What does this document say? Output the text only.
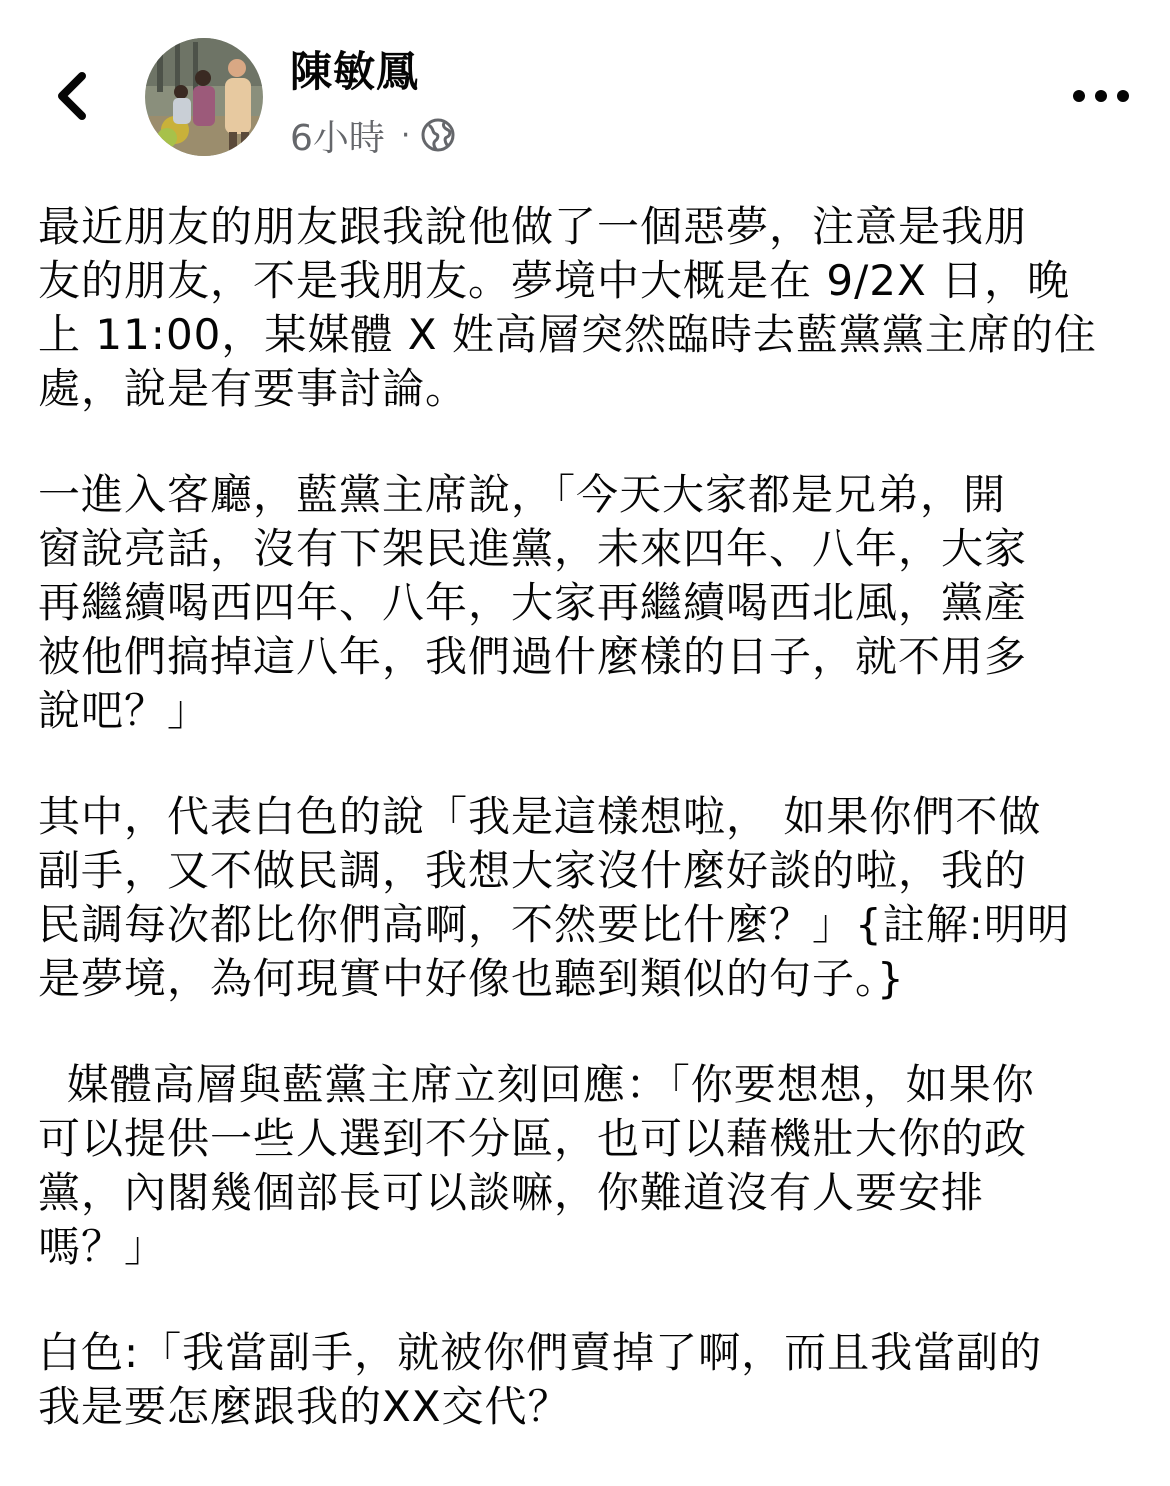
陳敏鳳
6小時 ·
最近朋友的朋友跟我說他做了一個惡夢，注意是我朋
友的朋友，不是我朋友。夢境中大概是在 9/2X 日，晚
上 11:00，某媒體 X 姓高層突然臨時去藍黨黨主席的住
處，說是有要事討論。
一進入客廳，藍黨主席說，「今天大家都是兄弟，開
窗說亮話，沒有下架民進黨，未來四年、八年，大家
再繼續喝西四年、八年，大家再繼續喝西北風，黨產
被他們搞掉這八年，我們過什麼樣的日子，就不用多
說吧？」
其中，代表白色的說「我是這樣想啦， 如果你們不做
副手，又不做民調，我想大家沒什麼好談的啦，我的
民調每次都比你們高啊，不然要比什麼？」{註解:明明
是夢境，為何現實中好像也聽到類似的句子。}
媒體高層與藍黨主席立刻回應：「你要想想，如果你
可以提供一些人選到不分區，也可以藉機壯大你的政
黨，內閣幾個部長可以談嘛，你難道沒有人要安排
嗎？」
白色:「我當副手，就被你們賣掉了啊，而且我當副的
我是要怎麼跟我的XX交代？
